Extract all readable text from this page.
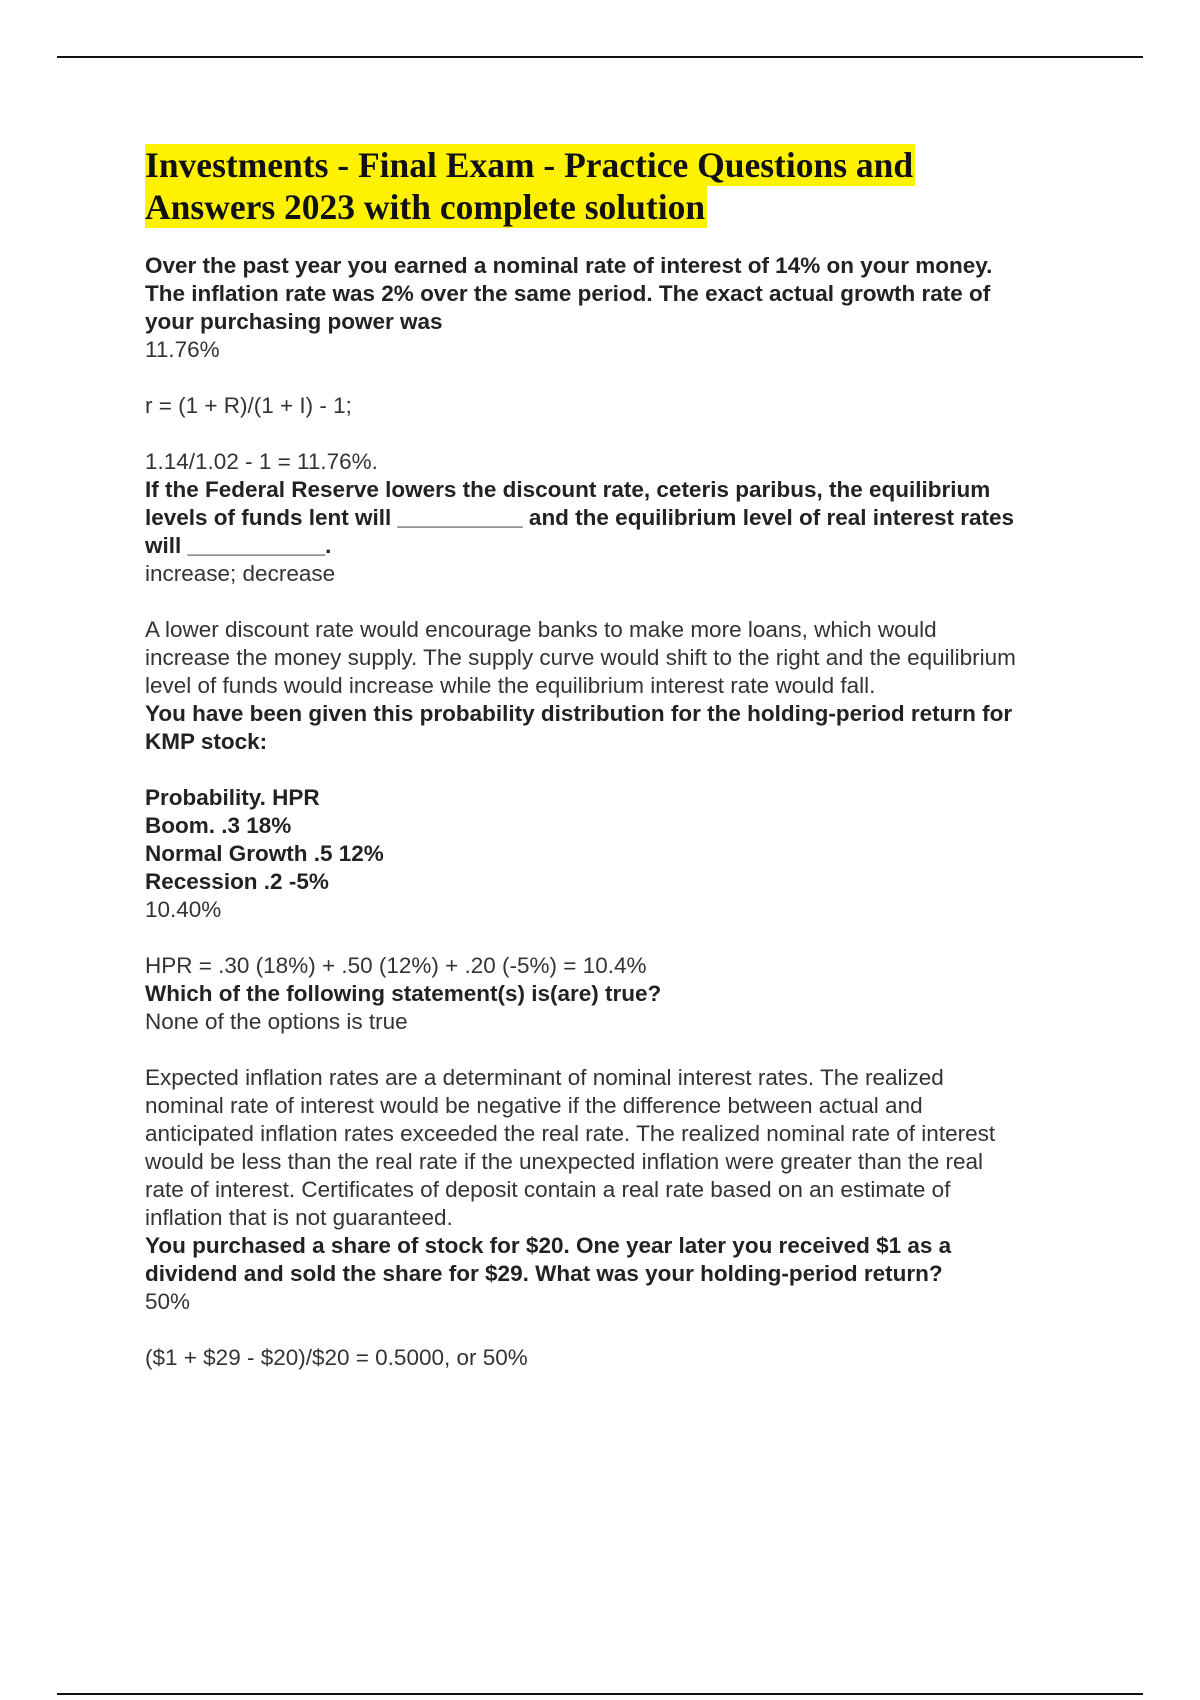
Investments - Final Exam - Practice Questions and
Answers 2023 with complete solution
Over the past year you earned a nominal rate of interest of 14% on your money.
The inflation rate was 2% over the same period. The exact actual growth rate of
your purchasing power was
11.76%
r = (1 + R)/(1 + I) - 1;
1.14/1.02 - 1 = 11.76%.
If the Federal Reserve lowers the discount rate, ceteris paribus, the equilibrium
levels of funds lent will __________ and the equilibrium level of real interest rates
will ___________.
increase; decrease
A lower discount rate would encourage banks to make more loans, which would
increase the money supply. The supply curve would shift to the right and the equilibrium
level of funds would increase while the equilibrium interest rate would fall.
You have been given this probability distribution for the holding-period return for
KMP stock:
Probability. HPR
Boom. .3 18%
Normal Growth .5 12%
Recession .2 -5%
10.40%
HPR = .30 (18%) + .50 (12%) + .20 (-5%) = 10.4%
Which of the following statement(s) is(are) true?
None of the options is true
Expected inflation rates are a determinant of nominal interest rates. The realized
nominal rate of interest would be negative if the difference between actual and
anticipated inflation rates exceeded the real rate. The realized nominal rate of interest
would be less than the real rate if the unexpected inflation were greater than the real
rate of interest. Certificates of deposit contain a real rate based on an estimate of
inflation that is not guaranteed.
You purchased a share of stock for $20. One year later you received $1 as a
dividend and sold the share for $29. What was your holding-period return?
50%
($1 + $29 - $20)/$20 = 0.5000, or 50%
